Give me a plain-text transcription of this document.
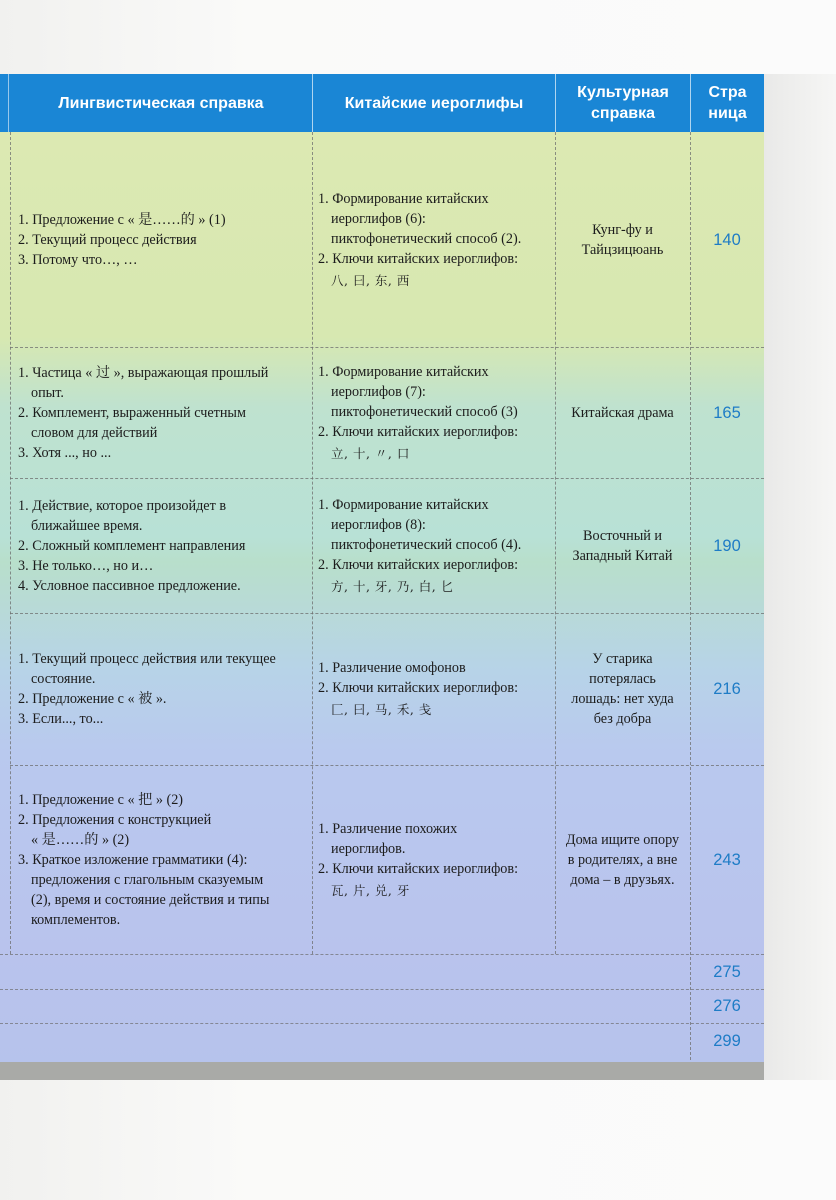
Лингвистическая справка	Китайские иероглифы
Культурная
справка
Стра
ница
1. Предложение с « 是……的 » (1)
2. Текущий процесс действия
3. Потому что…, …
1. Формирование китайских
иероглифов (6):
пиктофонетический способ (2).
2. Ключи китайских иероглифов:
八, 曰, 东, 西
Кунг-фу и
Тайцзицюань
140
1. Частица « 过 », выражающая прошлый
опыт.
2. Комплемент, выраженный счетным
словом для действий
3. Хотя ..., но ...
1. Формирование китайских
иероглифов (7):
пиктофонетический способ (3)
2. Ключи китайских иероглифов:
立, 十, 〃, 口
Китайская драма	165
1. Действие, которое произойдет в
ближайшее время.
2. Сложный комплемент направления
3. Не только…, но и…
4. Условное пассивное предложение.
1. Формирование китайских
иероглифов (8):
пиктофонетический способ (4).
2. Ключи китайских иероглифов:
方, 十, 牙, 乃, 白, 匕
Восточный и
Западный Китай
190
1. Текущий процесс действия или текущее
состояние.
2. Предложение с « 被 ».
3. Если..., то...
1. Различение омофонов
2. Ключи китайских иероглифов:
匚, 曰, 马, 禾, 戋
У старика
потерялась
лошадь: нет худа
без добра
216
1. Предложение с « 把 » (2)
2. Предложения с конструкцией
« 是……的 » (2)
3. Краткое изложение грамматики (4):
предложения с глагольным сказуемым
(2), время и состояние действия и типы
комплементов.
1. Различение похожих
иероглифов.
2. Ключи китайских иероглифов:
瓦, 片, 兑, 牙
Дома ищите опору
в родителях, а вне
дома – в друзьях.
243
275
276
299
